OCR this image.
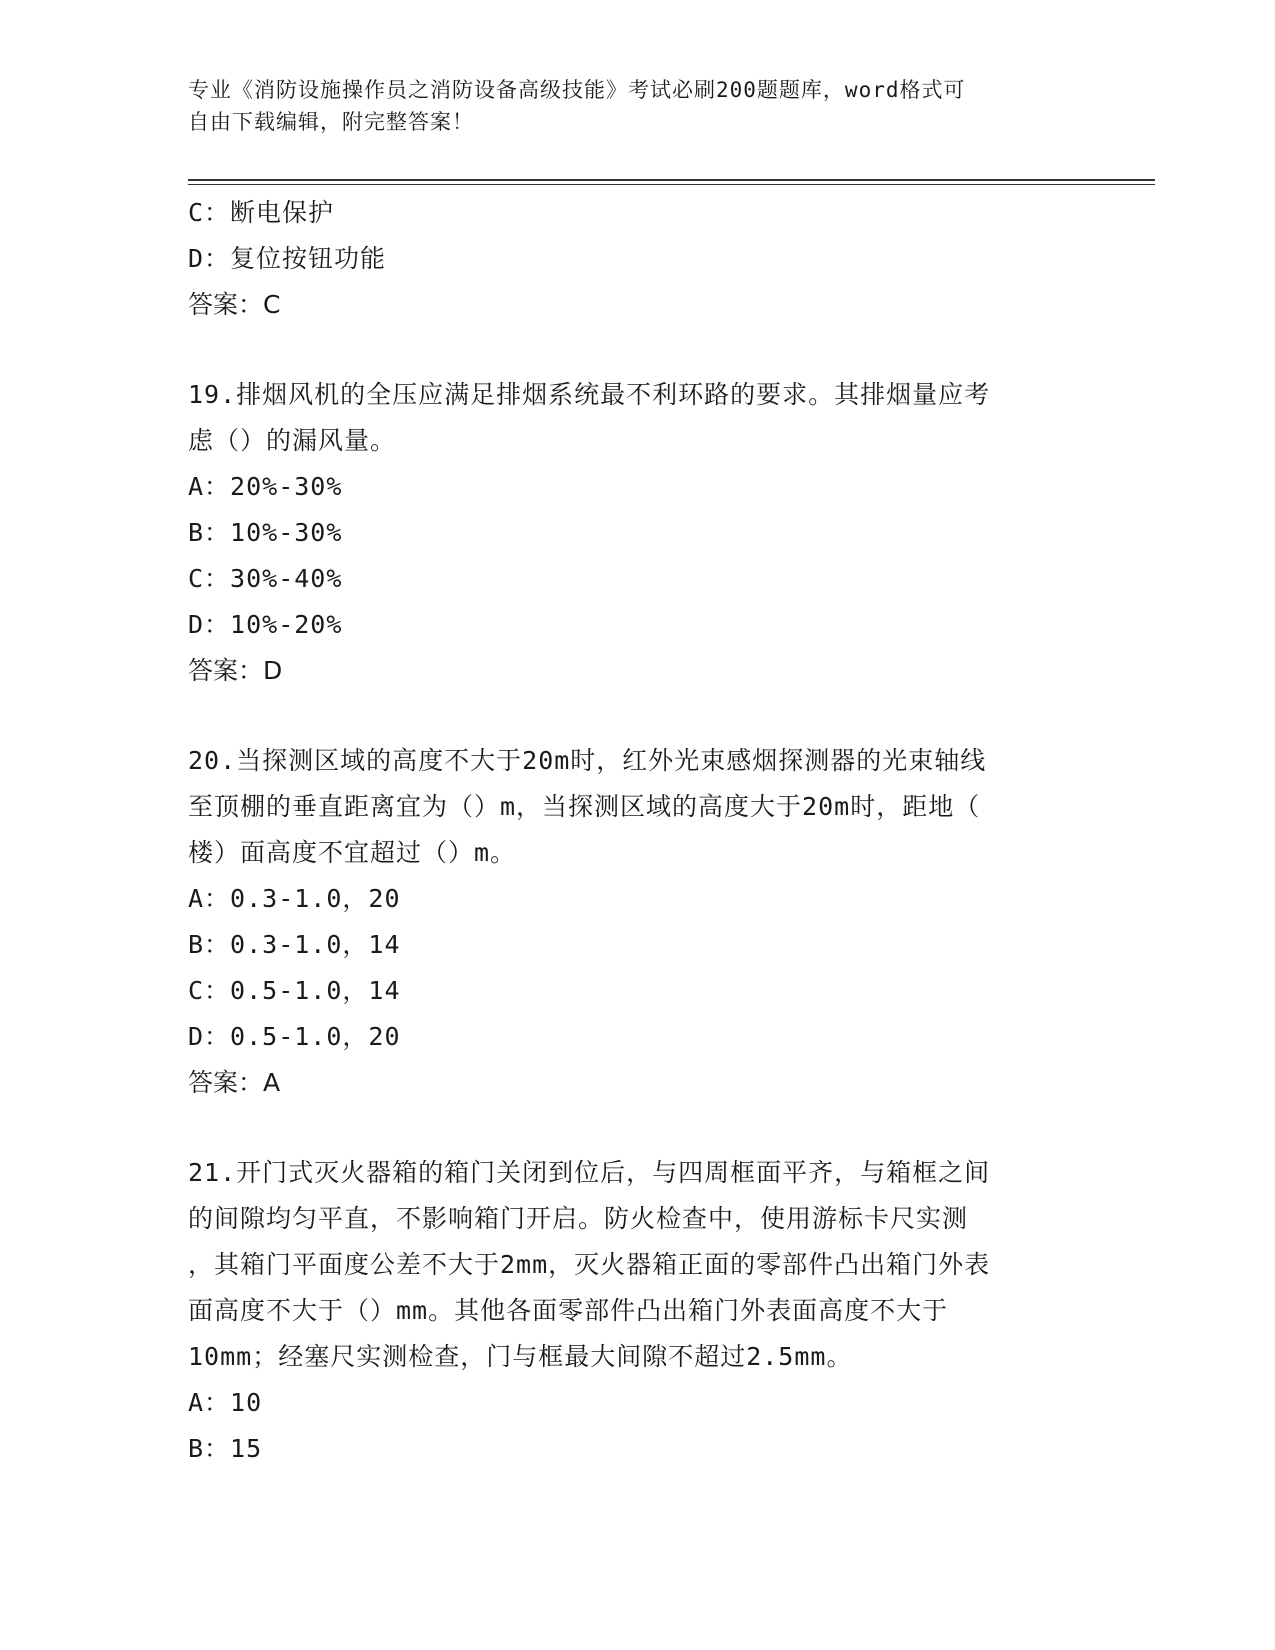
专业《消防设施操作员之消防设备高级技能》考试必刷200题题库，word格式可
自由下载编辑，附完整答案！
C：断电保护
D：复位按钮功能
答案：C
19.排烟风机的全压应满足排烟系统最不利环路的要求。其排烟量应考
虑（）的漏风量。
A：20%-30%
B：10%-30%
C：30%-40%
D：10%-20%
答案：D
20.当探测区域的高度不大于20m时，红外光束感烟探测器的光束轴线
至顶棚的垂直距离宜为（）m，当探测区域的高度大于20m时，距地（
楼）面高度不宜超过（）m。
A：0.3-1.0，20
B：0.3-1.0，14
C：0.5-1.0，14
D：0.5-1.0，20
答案：A
21.开门式灭火器箱的箱门关闭到位后，与四周框面平齐，与箱框之间
的间隙均匀平直，不影响箱门开启。防火检查中，使用游标卡尺实测
，其箱门平面度公差不大于2mm，灭火器箱正面的零部件凸出箱门外表
面高度不大于（）mm。其他各面零部件凸出箱门外表面高度不大于
10mm；经塞尺实测检查，门与框最大间隙不超过2.5mm。
A：10
B：15
